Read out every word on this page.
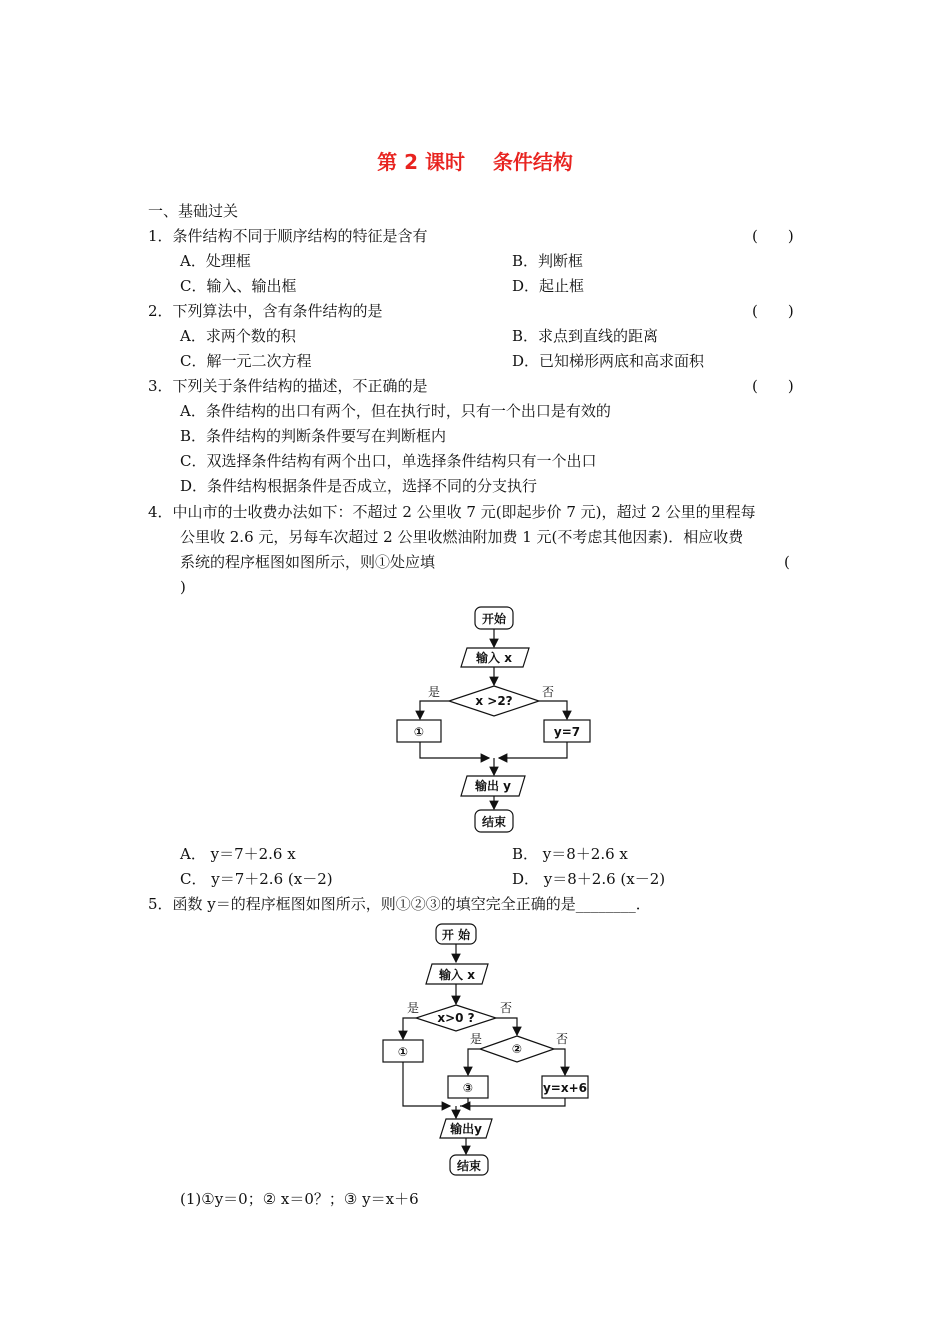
第 2 课时 条件结构
一、基础过关
1．条件结构不同于顺序结构的特征是含有	(　　)
A．处理框	B．判断框
C．输入、输出框	D．起止框
2．下列算法中，含有条件结构的是	(　　)
A．求两个数的积	B．求点到直线的距离
C．解一元二次方程	D．已知梯形两底和高求面积
3．下列关于条件结构的描述，不正确的是	(　　)
A．条件结构的出口有两个，但在执行时，只有一个出口是有效的
B．条件结构的判断条件要写在判断框内
C．双选择条件结构有两个出口，单选择条件结构只有一个出口
D．条件结构根据条件是否成立，选择不同的分支执行
4．中山市的士收费办法如下：不超过 2 公里收 7 元(即起步价 7 元)，超过 2 公里的里程每
公里收 2.6 元，另每车次超过 2 公里收燃油附加费 1 元(不考虑其他因素)．相应收费
系统的程序框图如图所示，则①处应填	(
)
开始
输入 x
x >2?
是	否
①	y=7
输出 y
结束
A． y＝7＋2.6 x	B． y＝8＋2.6 x
C． y＝7＋2.6 (x－2)	D． y＝8＋2.6 (x－2)
5．函数 y＝的程序框图如图所示，则①②③的填空完全正确的是________．
开 始
输入 x
x>0 ?
是	否
①	②
是	否
③	y=x+6
输出y
结束
(1)①y＝0；② x＝0？；③ y＝x＋6
